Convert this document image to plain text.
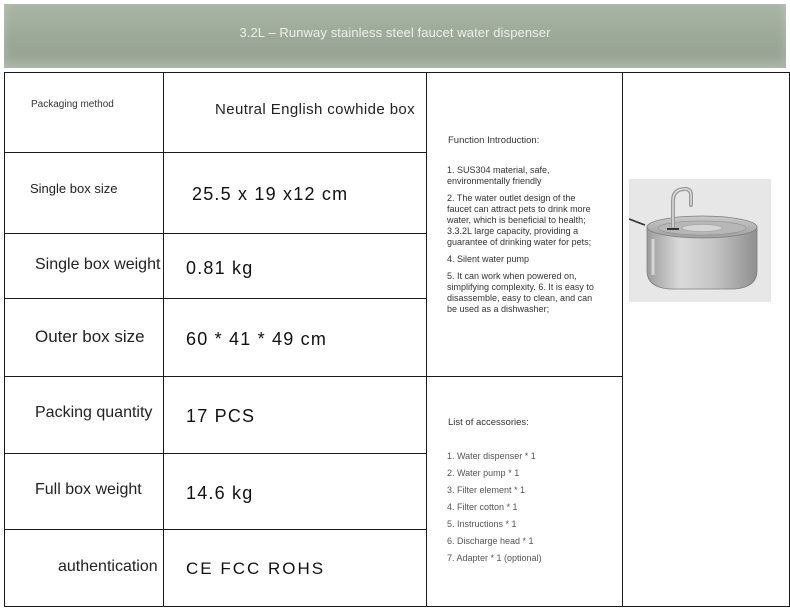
3.2L – Runway stainless steel faucet water dispenser
Packaging method
Single box size
Single box weight
Outer box size
Packing quantity
Full box weight
authentication
Neutral English cowhide box
25.5 x 19 x12 cm
0.81 kg
60 * 41 * 49 cm
17 PCS
14.6 kg
CE FCC ROHS
Function Introduction:
1. SUS304 material, safe, environmentally friendly
2. The water outlet design of the faucet can attract pets to drink more water, which is beneficial to health;
3.3.2L large capacity, providing a guarantee of drinking water for pets;
4. Silent water pump
5. It can work when powered on, simplifying complexity. 6. It is easy to disassemble, easy to clean, and can be used as a dishwasher;
List of accessories:
1. Water dispenser * 1
2. Water pump * 1
3. Filter element * 1
4. Filter cotton * 1
5. Instructions * 1
6. Discharge head * 1
7. Adapter * 1 (optional)
